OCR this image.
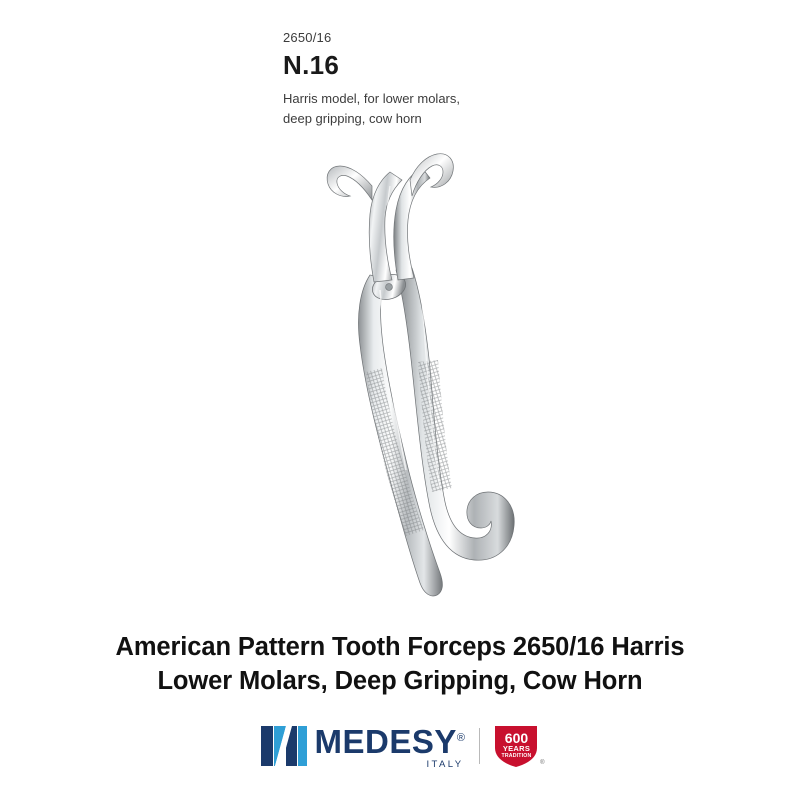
2650/16
N.16
Harris model, for lower molars,
deep gripping, cow horn
American Pattern Tooth Forceps 2650/16 Harris
Lower Molars, Deep Gripping, Cow Horn
MEDESY®
ITALY
600
YEARS
TRADITION
®
